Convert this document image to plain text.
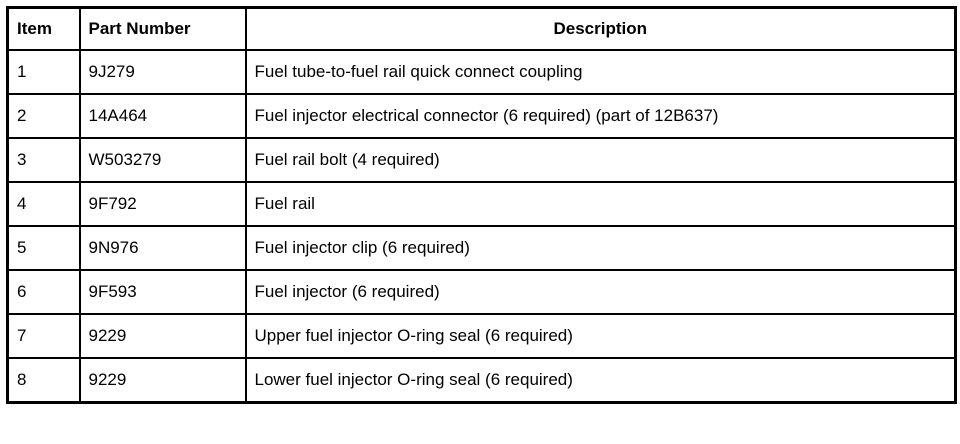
Item	Part Number	Description
1	9J279	Fuel tube-to-fuel rail quick connect coupling
2	14A464	Fuel injector electrical connector (6 required) (part of 12B637)
3	W503279	Fuel rail bolt (4 required)
4	9F792	Fuel rail
5	9N976	Fuel injector clip (6 required)
6	9F593	Fuel injector (6 required)
7	9229	Upper fuel injector O-ring seal (6 required)
8	9229	Lower fuel injector O-ring seal (6 required)
